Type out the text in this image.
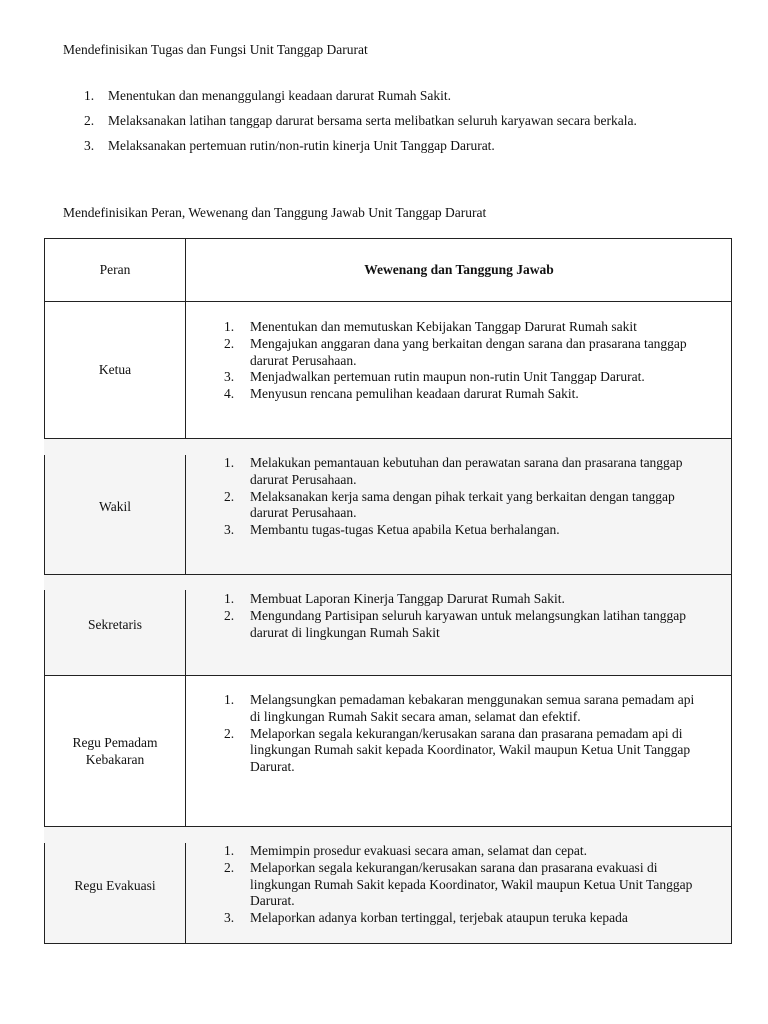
Mendefinisikan Tugas dan Fungsi Unit Tanggap Darurat

1. Menentukan dan menanggulangi keadaan darurat Rumah Sakit.
2. Melaksanakan latihan tanggap darurat bersama serta melibatkan seluruh karyawan secara berkala.
3. Melaksanakan pertemuan rutin/non-rutin kinerja Unit Tanggap Darurat.

Mendefinisikan Peran, Wewenang dan Tanggung Jawab Unit Tanggap Darurat

Peran	Wewenang dan Tanggung Jawab
Ketua
1. Menentukan dan memutuskan Kebijakan Tanggap Darurat Rumah sakit
2. Mengajukan anggaran dana yang berkaitan dengan sarana dan prasarana tanggap darurat Perusahaan.
3. Menjadwalkan pertemuan rutin maupun non-rutin Unit Tanggap Darurat.
4. Menyusun rencana pemulihan keadaan darurat Rumah Sakit.
Wakil
1. Melakukan pemantauan kebutuhan dan perawatan sarana dan prasarana tanggap darurat Perusahaan.
2. Melaksanakan kerja sama dengan pihak terkait yang berkaitan dengan tanggap darurat Perusahaan.
3. Membantu tugas-tugas Ketua apabila Ketua berhalangan.
Sekretaris
1. Membuat Laporan Kinerja Tanggap Darurat Rumah Sakit.
2. Mengundang Partisipan seluruh karyawan untuk melangsungkan latihan tanggap darurat di lingkungan Rumah Sakit
Regu Pemadam Kebakaran
1. Melangsungkan pemadaman kebakaran menggunakan semua sarana pemadam api di lingkungan Rumah Sakit secara aman, selamat dan efektif.
2. Melaporkan segala kekurangan/kerusakan sarana dan prasarana pemadam api di lingkungan Rumah sakit kepada Koordinator, Wakil maupun Ketua Unit Tanggap Darurat.
Regu Evakuasi
1. Memimpin prosedur evakuasi secara aman, selamat dan cepat.
2. Melaporkan segala kekurangan/kerusakan sarana dan prasarana evakuasi di lingkungan Rumah Sakit kepada Koordinator, Wakil maupun Ketua Unit Tanggap Darurat.
3. Melaporkan adanya korban tertinggal, terjebak ataupun teruka kepada
